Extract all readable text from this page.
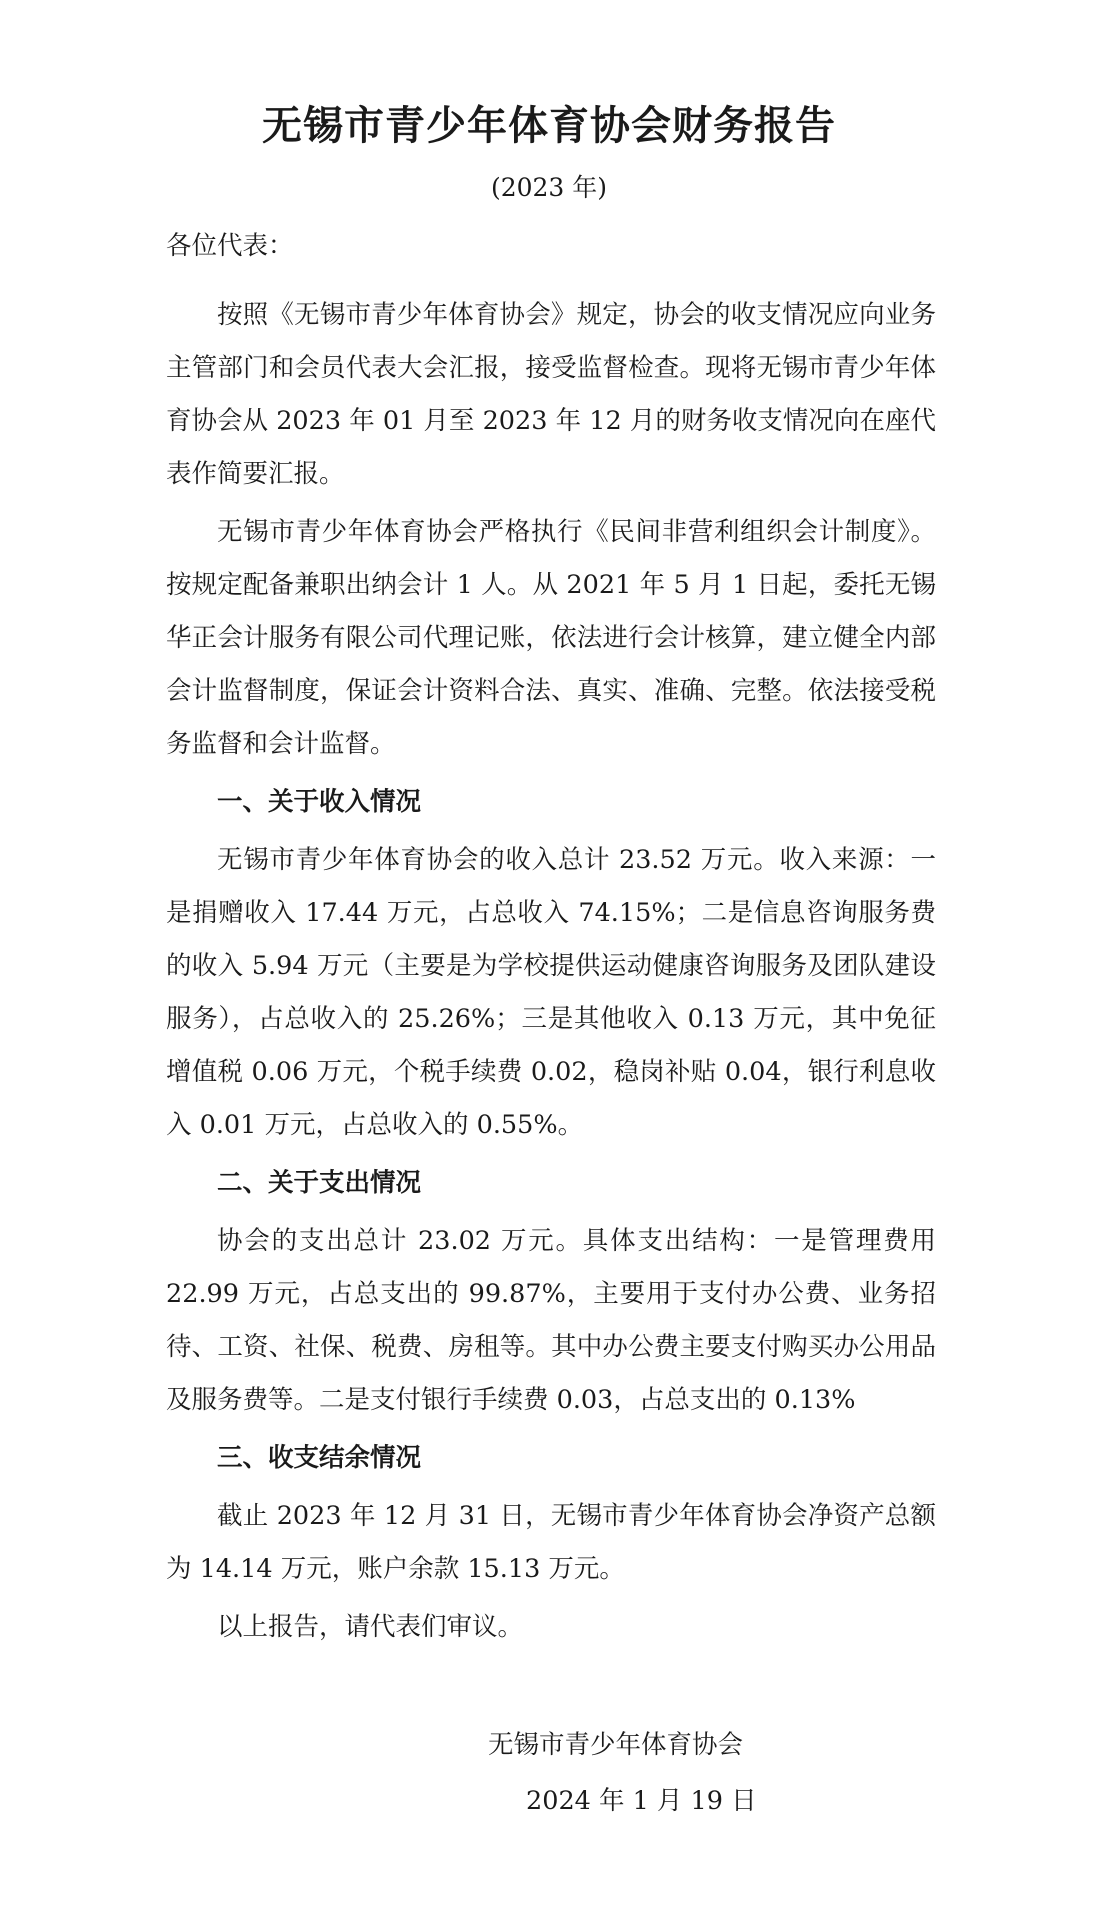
无锡市青少年体育协会财务报告
(2023 年)

各位代表：

按照《无锡市青少年体育协会》规定，协会的收支情况应向业务主管部门和会员代表大会汇报，接受监督检查。现将无锡市青少年体育协会从 2023 年 01 月至 2023 年 12 月的财务收支情况向在座代表作简要汇报。

无锡市青少年体育协会严格执行《民间非营利组织会计制度》。按规定配备兼职出纳会计 1 人。从 2021 年 5 月 1 日起，委托无锡华正会计服务有限公司代理记账，依法进行会计核算，建立健全内部会计监督制度，保证会计资料合法、真实、准确、完整。依法接受税务监督和会计监督。

一、关于收入情况

无锡市青少年体育协会的收入总计 23.52 万元。收入来源：一是捐赠收入 17.44 万元，占总收入 74.15%；二是信息咨询服务费的收入 5.94 万元（主要是为学校提供运动健康咨询服务及团队建设服务），占总收入的 25.26%；三是其他收入 0.13 万元，其中免征增值税 0.06 万元，个税手续费 0.02，稳岗补贴 0.04，银行利息收入 0.01 万元，占总收入的 0.55%。

二、关于支出情况

协会的支出总计 23.02 万元。具体支出结构：一是管理费用 22.99 万元，占总支出的 99.87%，主要用于支付办公费、业务招待、工资、社保、税费、房租等。其中办公费主要支付购买办公用品及服务费等。二是支付银行手续费 0.03，占总支出的 0.13%

三、收支结余情况

截止 2023 年 12 月 31 日，无锡市青少年体育协会净资产总额为 14.14 万元，账户余款 15.13 万元。

以上报告，请代表们审议。

无锡市青少年体育协会
2024 年 1 月 19 日
